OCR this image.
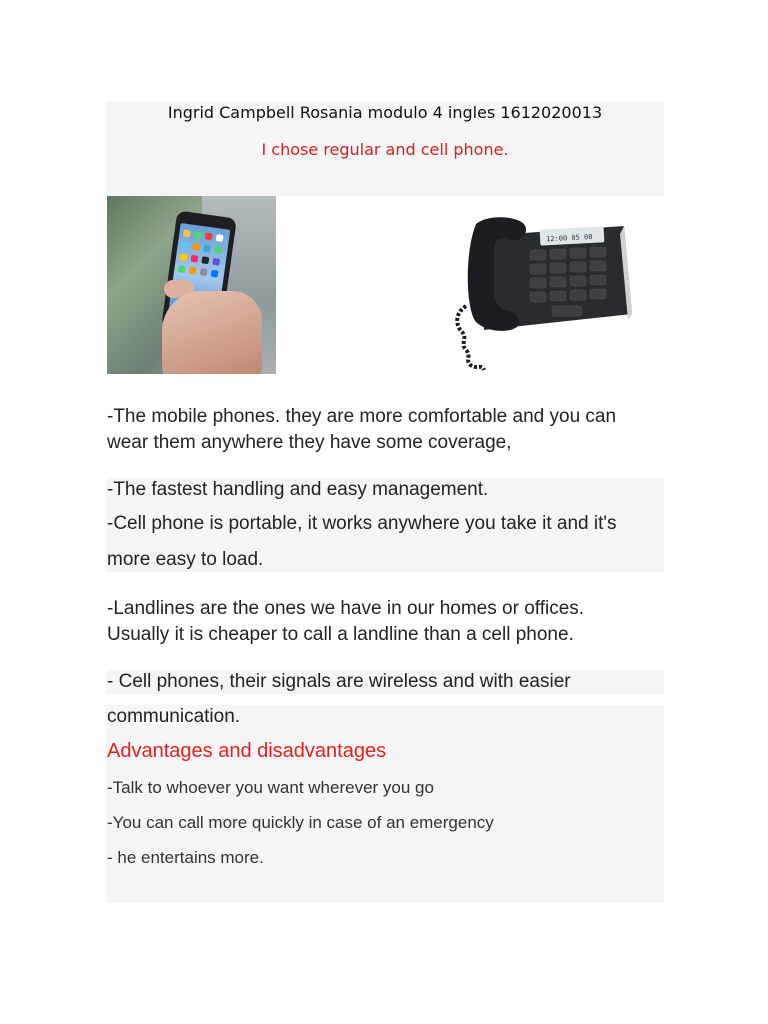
Ingrid Campbell Rosania modulo 4 ingles 1612020013
I chose regular and cell phone.
12:00 05 08
-The mobile phones. they are more comfortable and you can
wear them anywhere they have some coverage,
-The fastest handling and easy management.
-Cell phone is portable, it works anywhere you take it and it's
more easy to load.
-Landlines are the ones we have in our homes or offices.
Usually it is cheaper to call a landline than a cell phone.
- Cell phones, their signals are wireless and with easier
communication.
Advantages and disadvantages
-Talk to whoever you want wherever you go
-You can call more quickly in case of an emergency
- he entertains more.
